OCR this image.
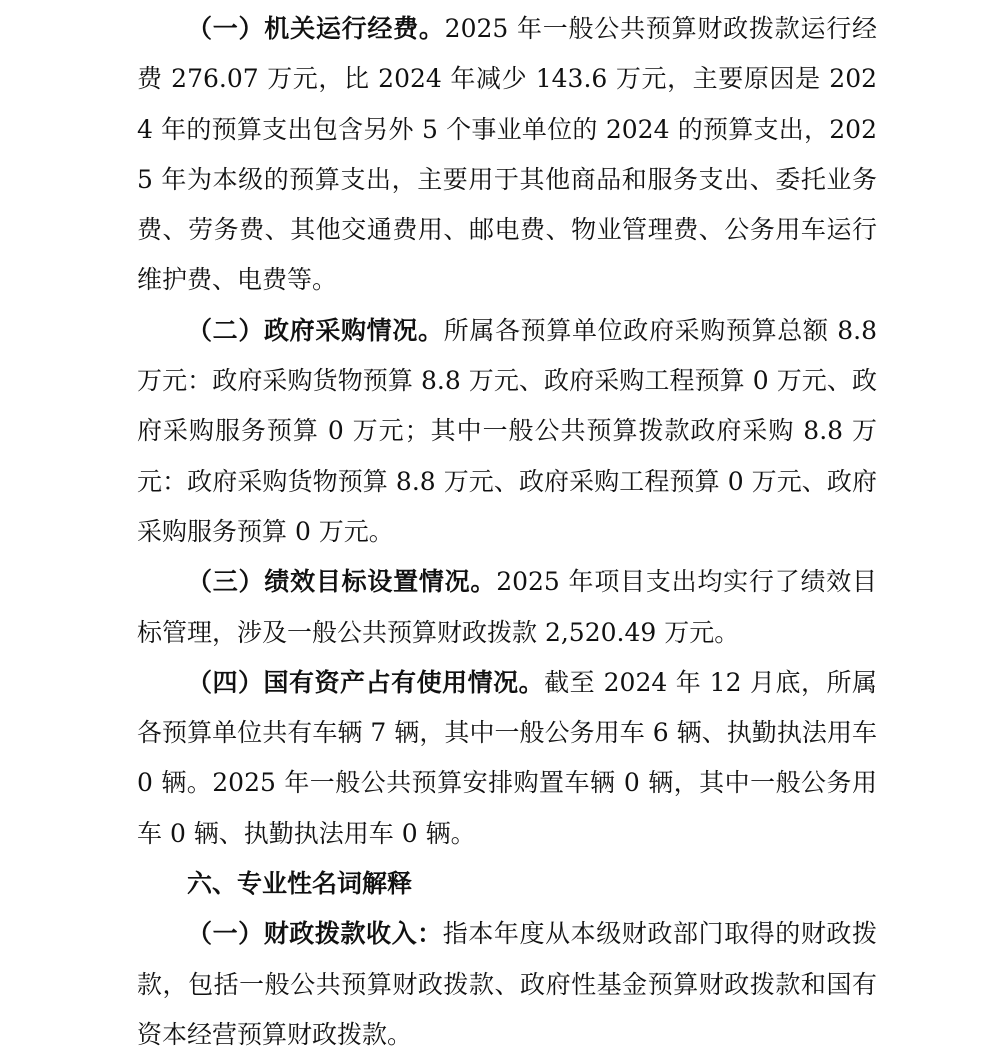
（一）机关运行经费。2025 年一般公共预算财政拨款运行经费 276.07 万元，比 2024 年减少 143.6 万元，主要原因是 2024 年的预算支出包含另外 5 个事业单位的 2024 的预算支出，2025 年为本级的预算支出，主要用于其他商品和服务支出、委托业务费、劳务费、其他交通费用、邮电费、物业管理费、公务用车运行维护费、电费等。

（二）政府采购情况。所属各预算单位政府采购预算总额 8.8 万元：政府采购货物预算 8.8 万元、政府采购工程预算 0 万元、政府采购服务预算 0 万元；其中一般公共预算拨款政府采购 8.8 万元：政府采购货物预算 8.8 万元、政府采购工程预算 0 万元、政府采购服务预算 0 万元。

（三）绩效目标设置情况。2025 年项目支出均实行了绩效目标管理，涉及一般公共预算财政拨款 2,520.49 万元。

（四）国有资产占有使用情况。截至 2024 年 12 月底，所属各预算单位共有车辆 7 辆，其中一般公务用车 6 辆、执勤执法用车 0 辆。2025 年一般公共预算安排购置车辆 0 辆，其中一般公务用车 0 辆、执勤执法用车 0 辆。

六、专业性名词解释

（一）财政拨款收入：指本年度从本级财政部门取得的财政拨款，包括一般公共预算财政拨款、政府性基金预算财政拨款和国有资本经营预算财政拨款。
